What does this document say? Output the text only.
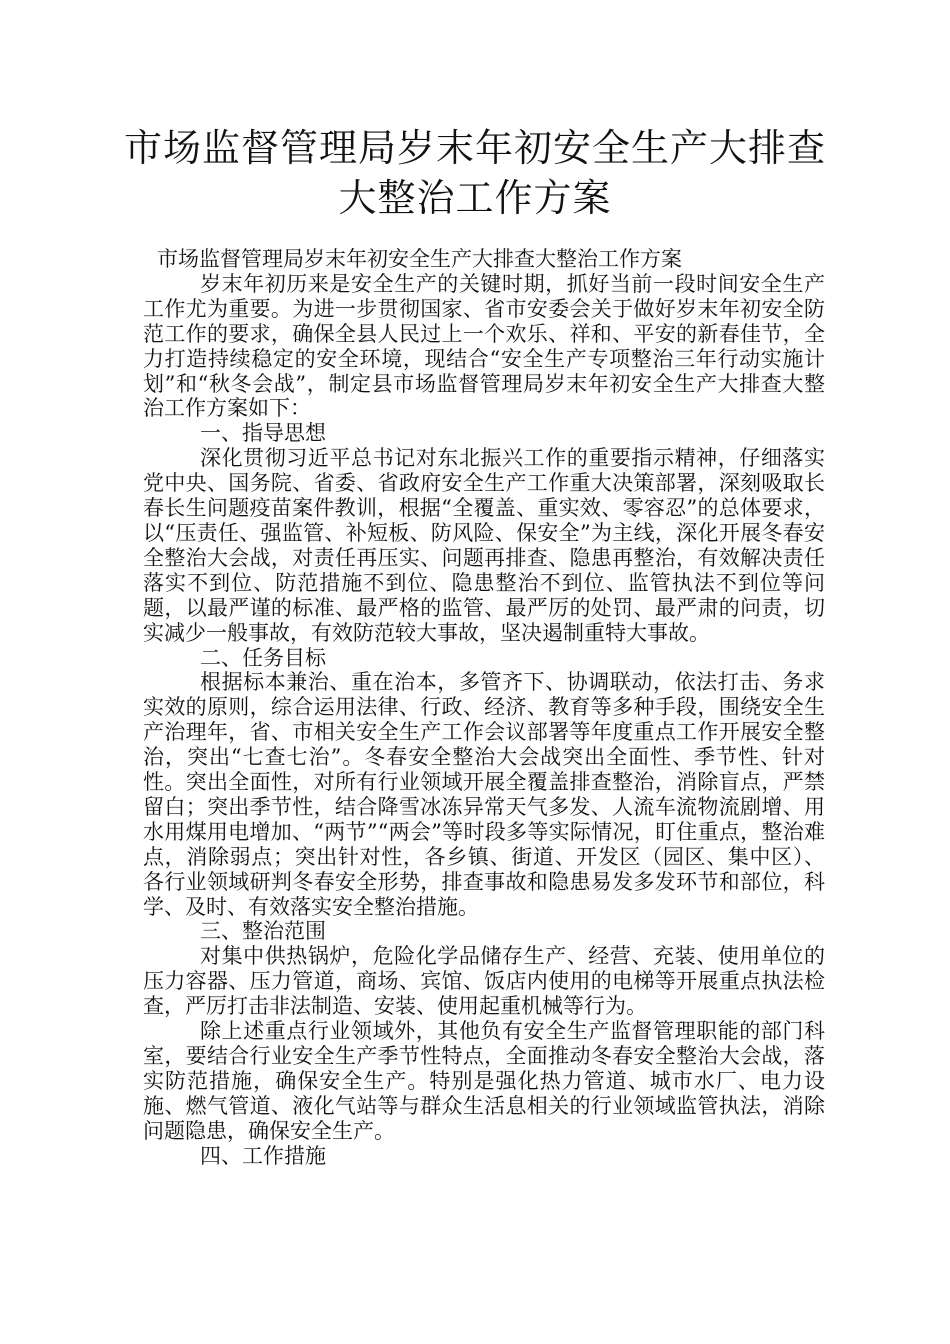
市场监督管理局岁末年初安全生产大排查
大整治工作方案

市场监督管理局岁末年初安全生产大排查大整治工作方案

岁末年初历来是安全生产的关键时期，抓好当前一段时间安全生产工作尤为重要。为进一步贯彻国家、省市安委会关于做好岁末年初安全防范工作的要求，确保全县人民过上一个欢乐、祥和、平安的新春佳节，全力打造持续稳定的安全环境，现结合“安全生产专项整治三年行动实施计划”和“秋冬会战”，制定县市场监督管理局岁末年初安全生产大排查大整治工作方案如下：

一、指导思想

深化贯彻习近平总书记对东北振兴工作的重要指示精神，仔细落实党中央、国务院、省委、省政府安全生产工作重大决策部署，深刻吸取长春长生问题疫苗案件教训，根据“全覆盖、重实效、零容忍”的总体要求，以“压责任、强监管、补短板、防风险、保安全”为主线，深化开展冬春安全整治大会战，对责任再压实、问题再排查、隐患再整治，有效解决责任落实不到位、防范措施不到位、隐患整治不到位、监管执法不到位等问题，以最严谨的标准、最严格的监管、最严厉的处罚、最严肃的问责，切实减少一般事故，有效防范较大事故，坚决遏制重特大事故。

二、任务目标

根据标本兼治、重在治本，多管齐下、协调联动，依法打击、务求实效的原则，综合运用法律、行政、经济、教育等多种手段，围绕安全生产治理年，省、市相关安全生产工作会议部署等年度重点工作开展安全整治，突出“七查七治”。冬春安全整治大会战突出全面性、季节性、针对性。突出全面性，对所有行业领域开展全覆盖排查整治，消除盲点，严禁留白；突出季节性，结合降雪冰冻异常天气多发、人流车流物流剧增、用水用煤用电增加、“两节”“两会”等时段多等实际情况，盯住重点，整治难点，消除弱点；突出针对性，各乡镇、街道、开发区（园区、集中区）、各行业领域研判冬春安全形势，排查事故和隐患易发多发环节和部位，科学、及时、有效落实安全整治措施。

三、整治范围

对集中供热锅炉，危险化学品储存生产、经营、充装、使用单位的压力容器、压力管道，商场、宾馆、饭店内使用的电梯等开展重点执法检查，严厉打击非法制造、安装、使用起重机械等行为。

除上述重点行业领域外，其他负有安全生产监督管理职能的部门科室，要结合行业安全生产季节性特点，全面推动冬春安全整治大会战，落实防范措施，确保安全生产。特别是强化热力管道、城市水厂、电力设施、燃气管道、液化气站等与群众生活息相关的行业领域监管执法，消除问题隐患，确保安全生产。

四、工作措施
